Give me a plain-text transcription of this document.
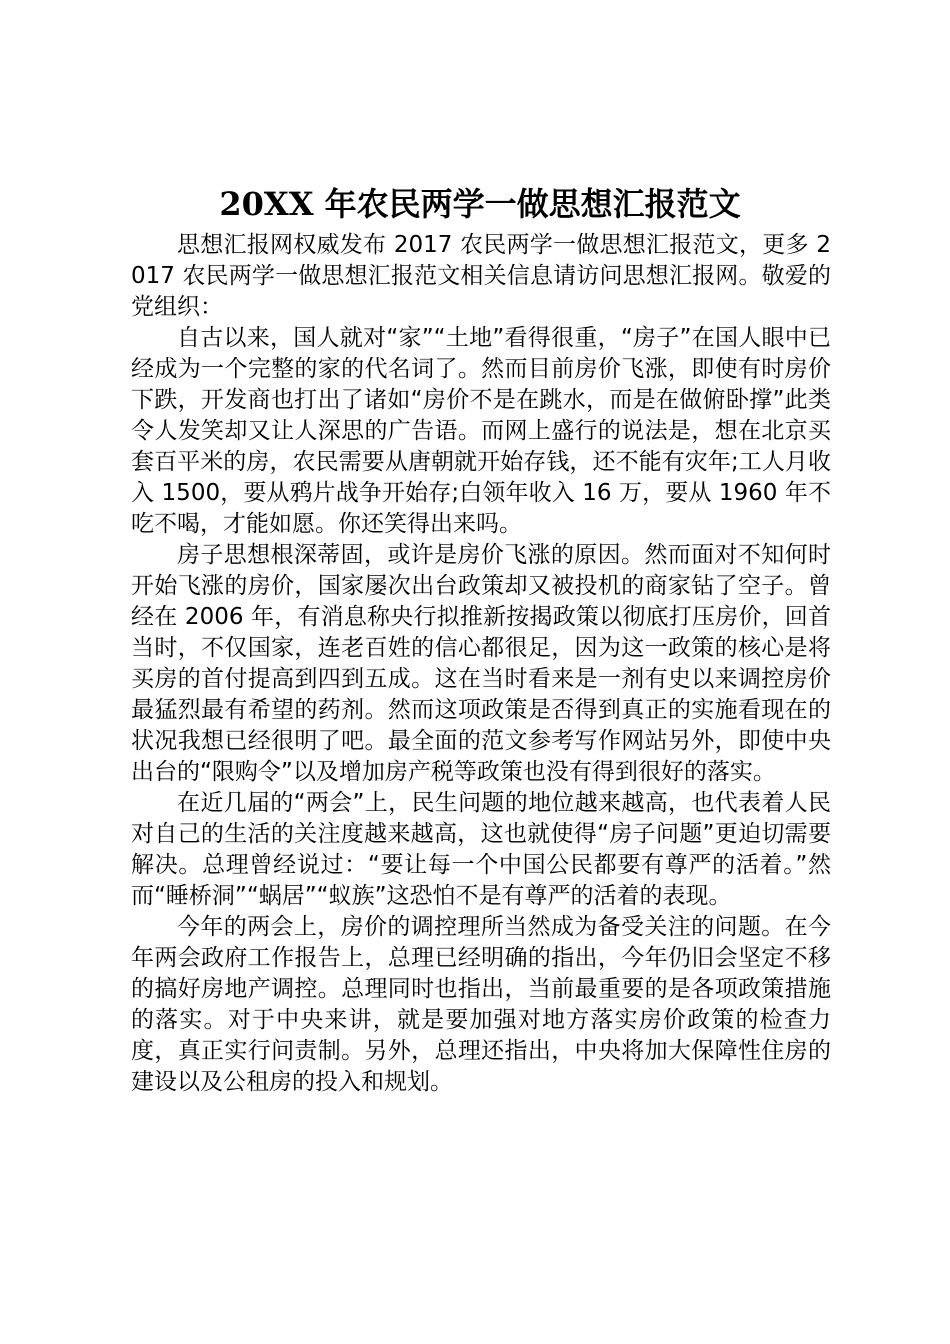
20XX 年农民两学一做思想汇报范文

思想汇报网权威发布 2017 农民两学一做思想汇报范文，更多 2017 农民两学一做思想汇报范文相关信息请访问思想汇报网。敬爱的党组织：

自古以来，国人就对“家”“土地”看得很重，“房子”在国人眼中已经成为一个完整的家的代名词了。然而目前房价飞涨，即使有时房价下跌，开发商也打出了诸如“房价不是在跳水，而是在做俯卧撑”此类令人发笑却又让人深思的广告语。而网上盛行的说法是，想在北京买套百平米的房，农民需要从唐朝就开始存钱，还不能有灾年;工人月收入 1500，要从鸦片战争开始存;白领年收入 16 万，要从 1960 年不吃不喝，才能如愿。你还笑得出来吗。

房子思想根深蒂固，或许是房价飞涨的原因。然而面对不知何时开始飞涨的房价，国家屡次出台政策却又被投机的商家钻了空子。曾经在 2006 年，有消息称央行拟推新按揭政策以彻底打压房价，回首当时，不仅国家，连老百姓的信心都很足，因为这一政策的核心是将买房的首付提高到四到五成。这在当时看来是一剂有史以来调控房价最猛烈最有希望的药剂。然而这项政策是否得到真正的实施看现在的状况我想已经很明了吧。最全面的范文参考写作网站另外，即使中央出台的“限购令”以及增加房产税等政策也没有得到很好的落实。

在近几届的“两会”上，民生问题的地位越来越高，也代表着人民对自己的生活的关注度越来越高，这也就使得“房子问题”更迫切需要解决。总理曾经说过：“要让每一个中国公民都要有尊严的活着。”然而“睡桥洞”“蜗居”“蚁族”这恐怕不是有尊严的活着的表现。

今年的两会上，房价的调控理所当然成为备受关注的问题。在今年两会政府工作报告上，总理已经明确的指出，今年仍旧会坚定不移的搞好房地产调控。总理同时也指出，当前最重要的是各项政策措施的落实。对于中央来讲，就是要加强对地方落实房价政策的检查力度，真正实行问责制。另外，总理还指出，中央将加大保障性住房的建设以及公租房的投入和规划。
